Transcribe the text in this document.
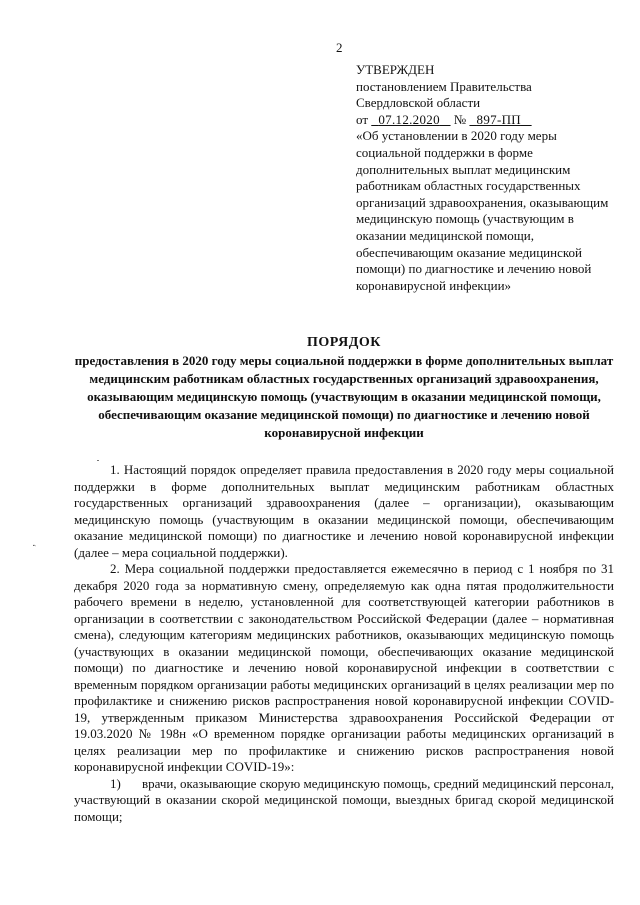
2
УТВЕРЖДЕН
постановлением Правительства
Свердловской области
от 07.12.2020 № 897-ПП
«Об установлении в 2020 году меры социальной поддержки в форме дополнительных выплат медицинским работникам областных государственных организаций здравоохранения, оказывающим медицинскую помощь (участвующим в оказании медицинской помощи, обеспечивающим оказание медицинской помощи) по диагностике и лечению новой коронавирусной инфекции»
ПОРЯДОК
предоставления в 2020 году меры социальной поддержки в форме дополнительных выплат медицинским работникам областных государственных организаций здравоохранения, оказывающим медицинскую помощь (участвующим в оказании медицинской помощи, обеспечивающим оказание медицинской помощи) по диагностике и лечению новой коронавирусной инфекции
ʼ

1. Настоящий порядок определяет правила предоставления в 2020 году меры социальной поддержки в форме дополнительных выплат медицинским работникам областных государственных организаций здравоохранения (далее – организации), оказывающим медицинскую помощь (участвующим в оказании медицинской помощи, обеспечивающим оказание медицинской помощи) по диагностике и лечению новой коронавирусной инфекции (далее – мера социальной поддержки).

2. Мера социальной поддержки предоставляется ежемесячно в период с 1 ноября по 31 декабря 2020 года за нормативную смену, определяемую как одна пятая продолжительности рабочего времени в неделю, установленной для соответствующей категории работников в организации в соответствии с законодательством Российской Федерации (далее – нормативная смена), следующим категориям медицинских работников, оказывающих медицинскую помощь (участвующих в оказании медицинской помощи, обеспечивающих оказание медицинской помощи) по диагностике и лечению новой коронавирусной инфекции в соответствии с временным порядком организации работы медицинских организаций в целях реализации мер по профилактике и снижению рисков распространения новой коронавирусной инфекции COVID-19, утвержденным приказом Министерства здравоохранения Российской Федерации от 19.03.2020 № 198н «О временном порядке организации работы медицинских организаций в целях реализации мер по профилактике и снижению рисков распространения новой коронавирусной инфекции COVID-19»:

1) врачи, оказывающие скорую медицинскую помощь, средний медицинский персонал, участвующий в оказании скорой медицинской помощи, выездных бригад скорой медицинской помощи;
